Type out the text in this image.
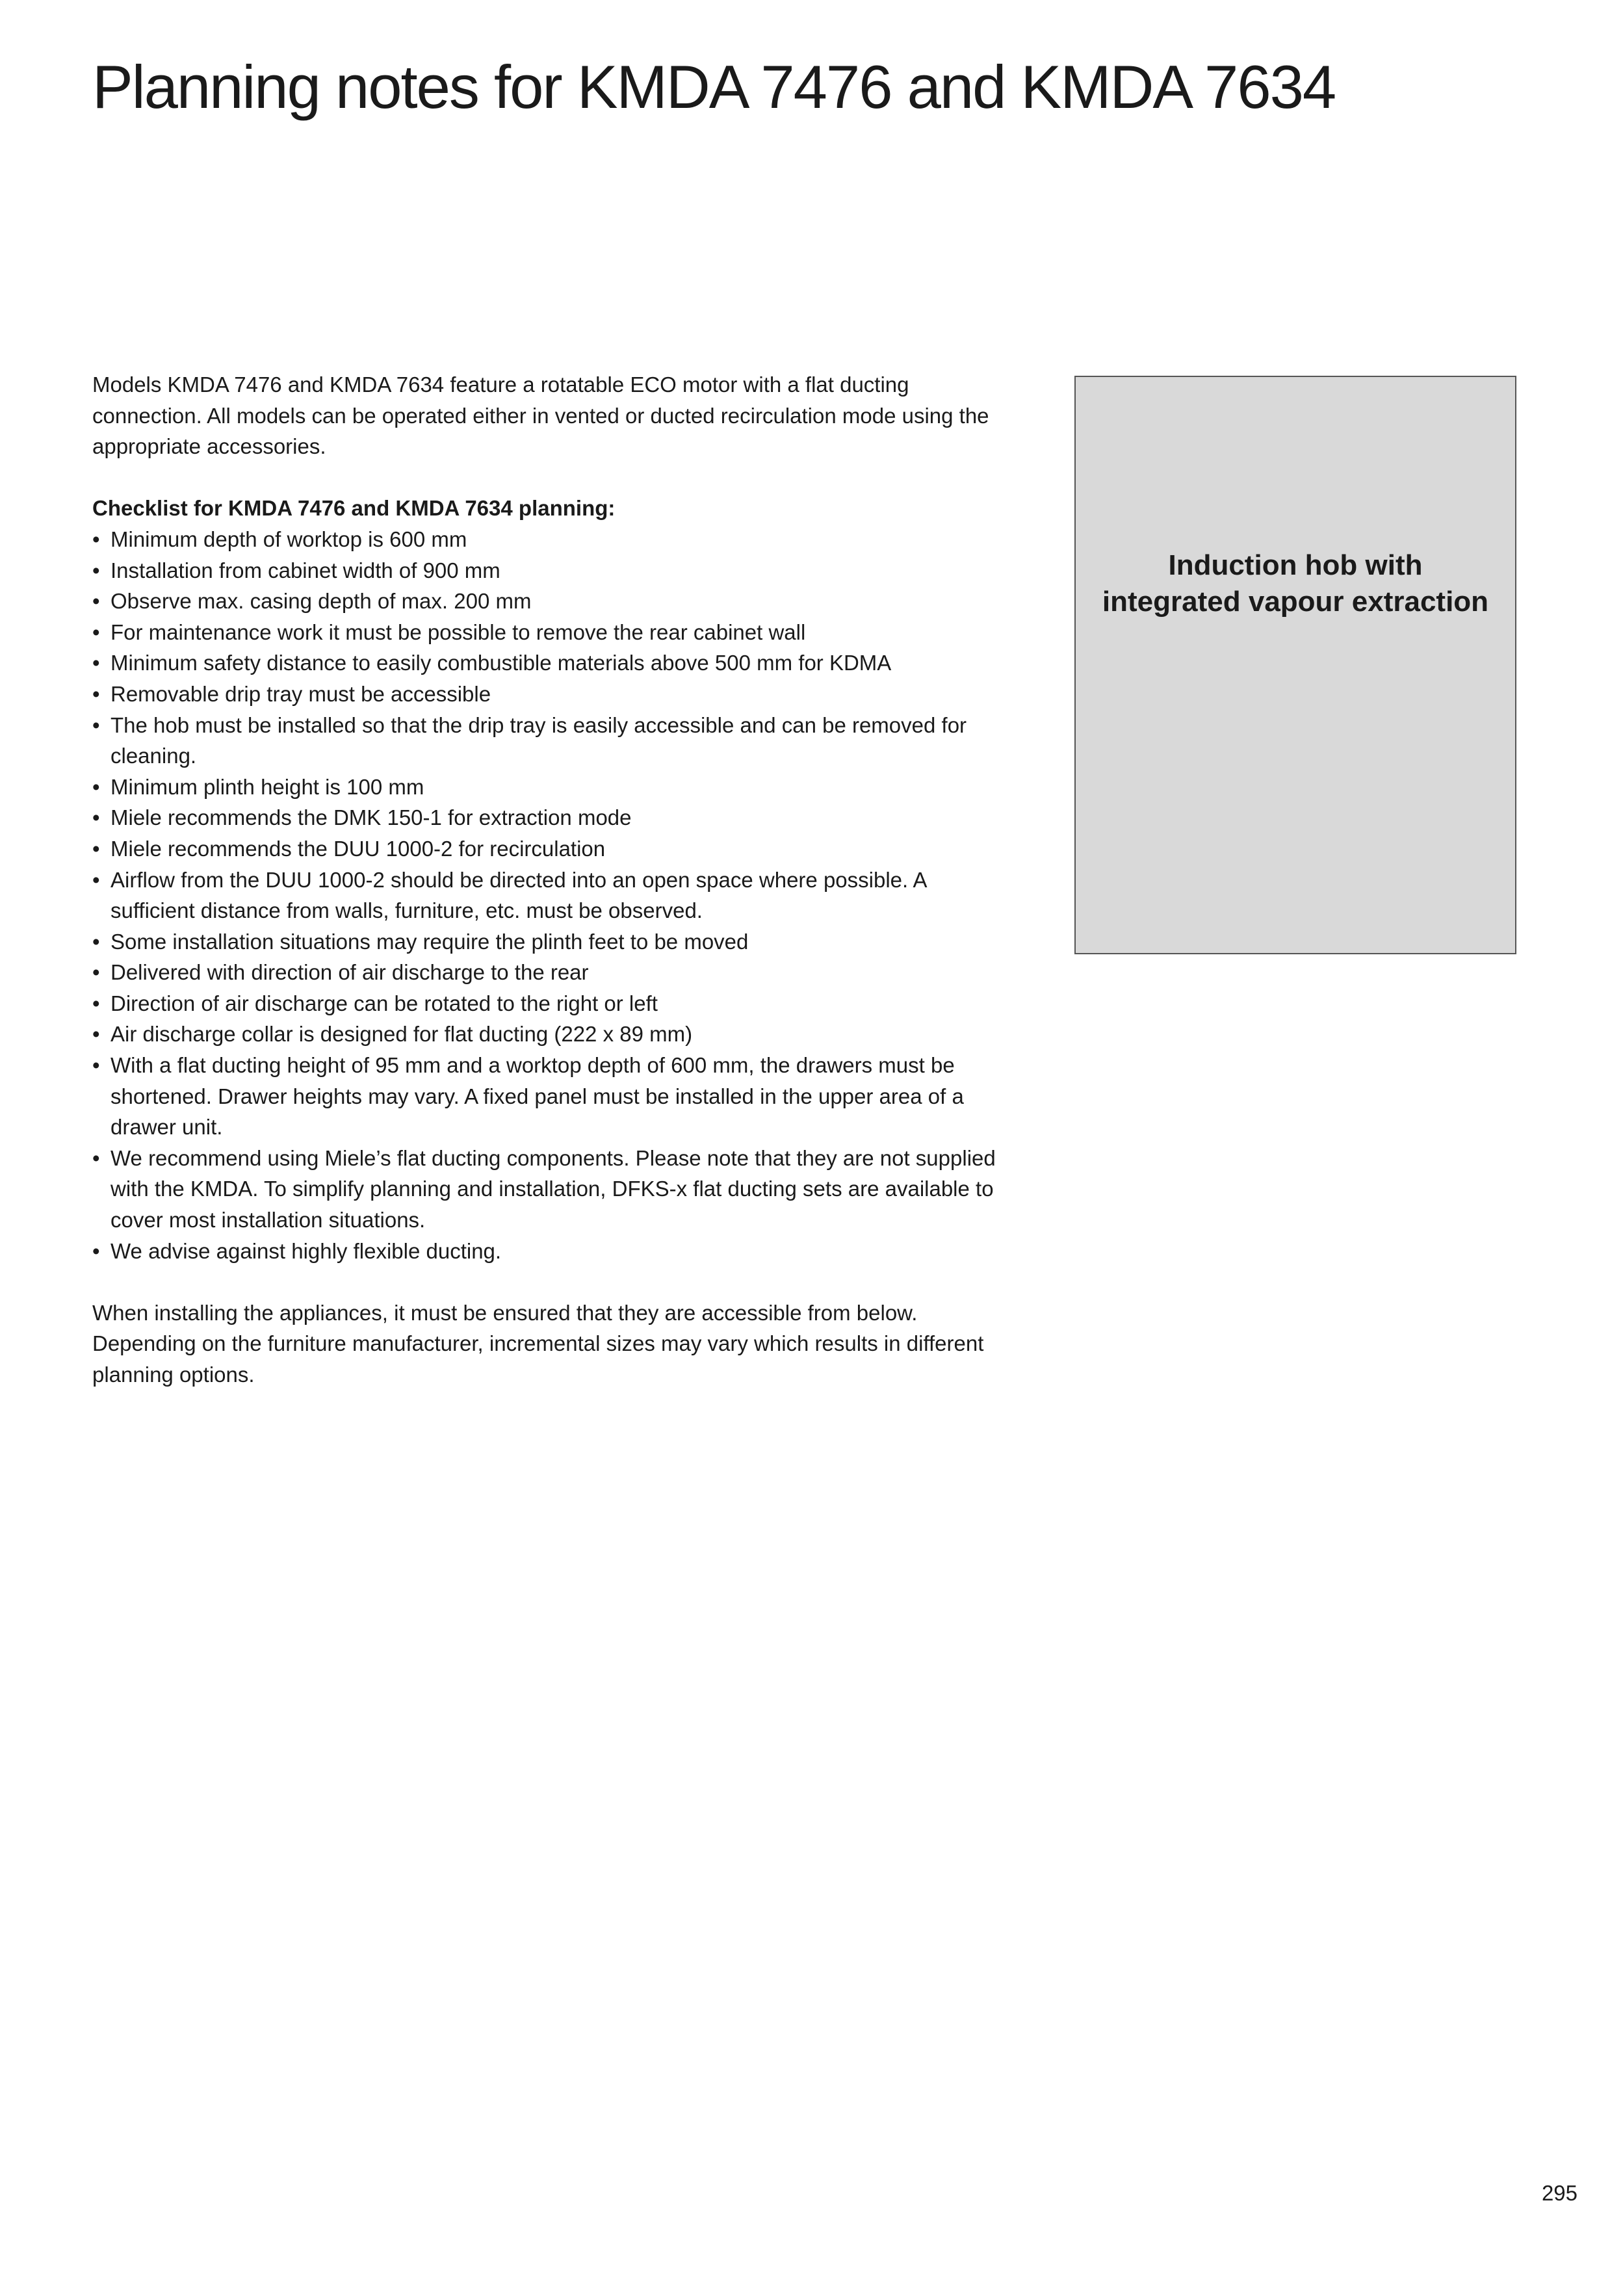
Planning notes for KMDA 7476 and KMDA 7634

Models KMDA 7476 and KMDA 7634 feature a rotatable ECO motor with a flat ducting connection. All models can be operated either in vented or ducted recirculation mode using the appropriate accessories.

Checklist for KMDA 7476 and KMDA 7634 planning:

• Minimum depth of worktop is 600 mm
• Installation from cabinet width of 900 mm
• Observe max. casing depth of max. 200 mm
• For maintenance work it must be possible to remove the rear cabinet wall
• Minimum safety distance to easily combustible materials above 500 mm for KDMA
• Removable drip tray must be accessible
• The hob must be installed so that the drip tray is easily accessible and can be removed for cleaning.
• Minimum plinth height is 100 mm
• Miele recommends the DMK 150-1 for extraction mode
• Miele recommends the DUU 1000-2 for recirculation
• Airflow from the DUU 1000-2 should be directed into an open space where possible. A sufficient distance from walls, furniture, etc. must be observed.
• Some installation situations may require the plinth feet to be moved
• Delivered with direction of air discharge to the rear
• Direction of air discharge can be rotated to the right or left
• Air discharge collar is designed for flat ducting (222 x 89 mm)
• With a flat ducting height of 95 mm and a worktop depth of 600 mm, the drawers must be shortened. Drawer heights may vary. A fixed panel must be installed in the upper area of a drawer unit.
• We recommend using Miele’s flat ducting components. Please note that they are not supplied with the KMDA. To simplify planning and installation, DFKS-x flat ducting sets are available to cover most installation situations.
• We advise against highly flexible ducting.

When installing the appliances, it must be ensured that they are accessible from below. Depending on the furniture manufacturer, incremental sizes may vary which results in different planning options.

Induction hob with
integrated vapour extraction
295
